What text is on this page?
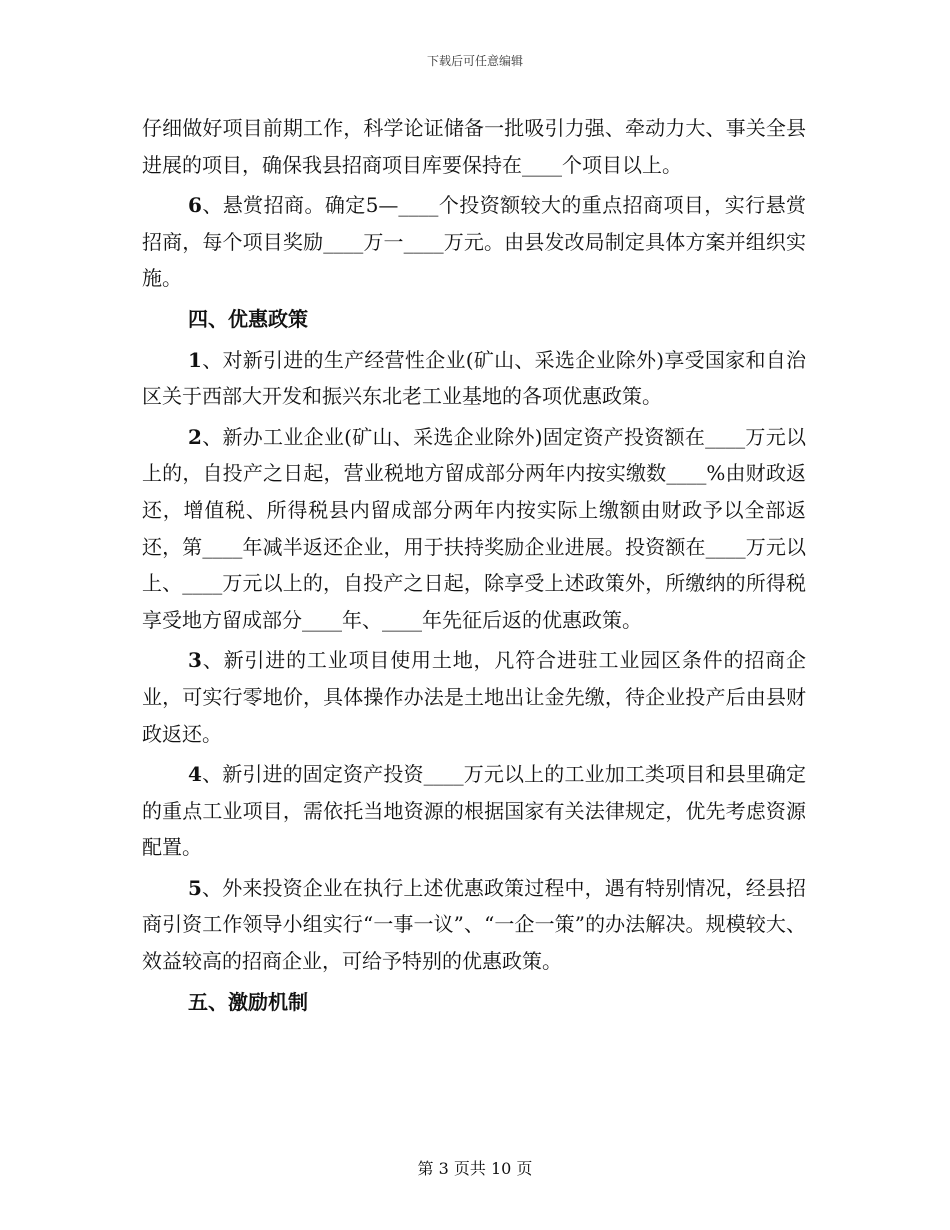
下载后可任意编辑

仔细做好项目前期工作，科学论证储备一批吸引力强、牵动力大、事关全县进展的项目，确保我县招商项目库要保持在____个项目以上。

6、悬赏招商。确定5—____个投资额较大的重点招商项目，实行悬赏招商，每个项目奖励____万一____万元。由县发改局制定具体方案并组织实施。

四、优惠政策

1、对新引进的生产经营性企业(矿山、采选企业除外)享受国家和自治区关于西部大开发和振兴东北老工业基地的各项优惠政策。

2、新办工业企业(矿山、采选企业除外)固定资产投资额在____万元以上的，自投产之日起，营业税地方留成部分两年内按实缴数____%由财政返还，增值税、所得税县内留成部分两年内按实际上缴额由财政予以全部返还，第____年减半返还企业，用于扶持奖励企业进展。投资额在____万元以上、____万元以上的，自投产之日起，除享受上述政策外，所缴纳的所得税享受地方留成部分____年、____年先征后返的优惠政策。

3、新引进的工业项目使用土地，凡符合进驻工业园区条件的招商企业，可实行零地价，具体操作办法是土地出让金先缴，待企业投产后由县财政返还。

4、新引进的固定资产投资____万元以上的工业加工类项目和县里确定的重点工业项目，需依托当地资源的根据国家有关法律规定，优先考虑资源配置。

5、外来投资企业在执行上述优惠政策过程中，遇有特别情况，经县招商引资工作领导小组实行“一事一议”、“一企一策”的办法解决。规模较大、效益较高的招商企业，可给予特别的优惠政策。

五、激励机制

第 3 页共 10 页
